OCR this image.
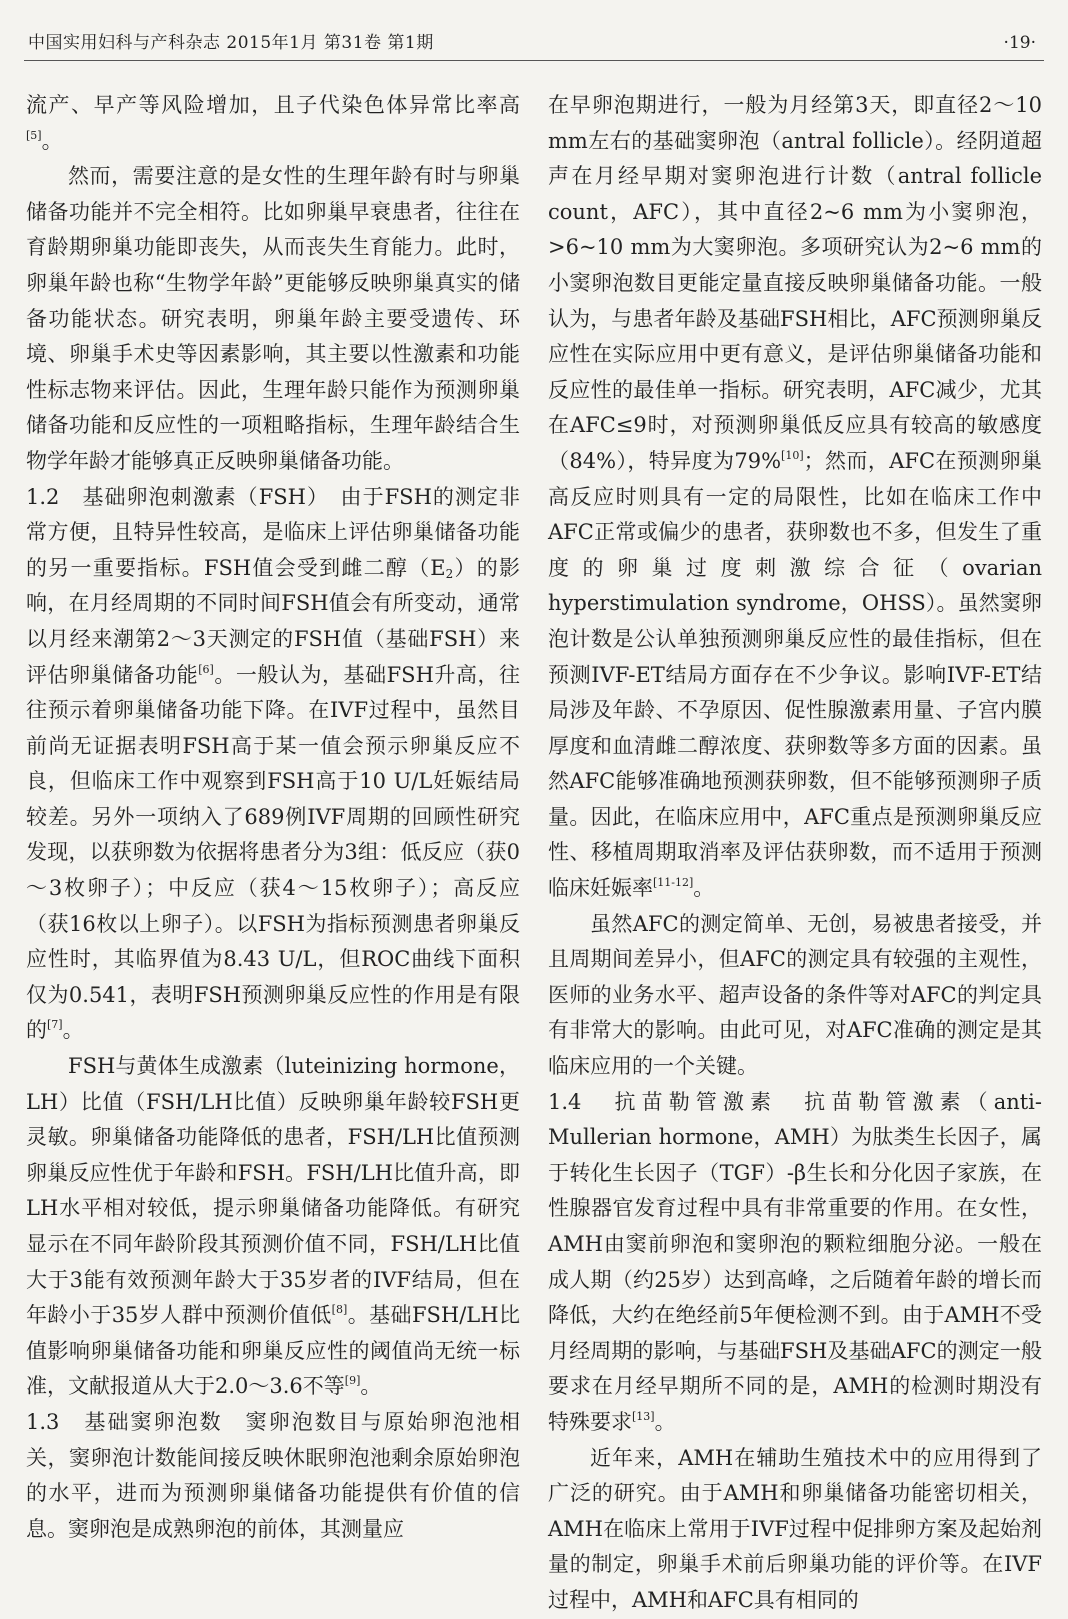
中国实用妇科与产科杂志 2015年1月 第31卷 第1期	·19·

流产、早产等风险增加，且子代染色体异常比率高[5]。

然而，需要注意的是女性的生理年龄有时与卵巢储备功能并不完全相符。比如卵巢早衰患者，往往在育龄期卵巢功能即丧失，从而丧失生育能力。此时，卵巢年龄也称“生物学年龄”更能够反映卵巢真实的储备功能状态。研究表明，卵巢年龄主要受遗传、环境、卵巢手术史等因素影响，其主要以性激素和功能性标志物来评估。因此，生理年龄只能作为预测卵巢储备功能和反应性的一项粗略指标，生理年龄结合生物学年龄才能够真正反映卵巢储备功能。

1.2　基础卵泡刺激素（FSH）　由于FSH的测定非常方便，且特异性较高，是临床上评估卵巢储备功能的另一重要指标。FSH值会受到雌二醇$(E_2)$的影响，在月经周期的不同时间FSH值会有所变动，通常以月经来潮第2～3天测定的FSH值（基础FSH）来评估卵巢储备功能[6]。一般认为，基础FSH升高，往往预示着卵巢储备功能下降。在IVF过程中，虽然目前尚无证据表明FSH高于某一值会预示卵巢反应不良，但临床工作中观察到FSH高于10 U/L妊娠结局较差。另外一项纳入了689例IVF周期的回顾性研究发现，以获卵数为依据将患者分为3组：低反应（获0～3枚卵子）；中反应（获4～15枚卵子）；高反应（获16枚以上卵子）。以FSH为指标预测患者卵巢反应性时，其临界值为8.43 U/L，但ROC曲线下面积仅为0.541，表明FSH预测卵巢反应性的作用是有限的[7]。

FSH与黄体生成激素（luteinizing hormone，LH）比值（FSH/LH比值）反映卵巢年龄较FSH更灵敏。卵巢储备功能降低的患者，FSH/LH比值预测卵巢反应性优于年龄和FSH。FSH/LH比值升高，即LH水平相对较低，提示卵巢储备功能降低。有研究显示在不同年龄阶段其预测价值不同，FSH/LH比值大于3能有效预测年龄大于35岁者的IVF结局，但在年龄小于35岁人群中预测价值低[8]。基础FSH/LH比值影响卵巢储备功能和卵巢反应性的阈值尚无统一标准，文献报道从大于2.0～3.6不等[9]。

1.3　基础窦卵泡数　窦卵泡数目与原始卵泡池相关，窦卵泡计数能间接反映休眠卵泡池剩余原始卵泡的水平，进而为预测卵巢储备功能提供有价值的信息。窦卵泡是成熟卵泡的前体，其测量应

在早卵泡期进行，一般为月经第3天，即直径2～10 mm左右的基础窦卵泡（antral follicle）。经阴道超声在月经早期对窦卵泡进行计数（antral follicle count，AFC），其中直径2~6 mm为小窦卵泡，>6~10 mm为大窦卵泡。多项研究认为2~6 mm的小窦卵泡数目更能定量直接反映卵巢储备功能。一般认为，与患者年龄及基础FSH相比，AFC预测卵巢反应性在实际应用中更有意义，是评估卵巢储备功能和反应性的最佳单一指标。研究表明，AFC减少，尤其在AFC≤9时，对预测卵巢低反应具有较高的敏感度（84%），特异度为79%[10]；然而，AFC在预测卵巢高反应时则具有一定的局限性，比如在临床工作中AFC正常或偏少的患者，获卵数也不多，但发生了重度的卵巢过度刺激综合征（ovarian hyperstimulation syndrome，OHSS）。虽然窦卵泡计数是公认单独预测卵巢反应性的最佳指标，但在预测IVF-ET结局方面存在不少争议。影响IVF-ET结局涉及年龄、不孕原因、促性腺激素用量、子宫内膜厚度和血清雌二醇浓度、获卵数等多方面的因素。虽然AFC能够准确地预测获卵数，但不能够预测卵子质量。因此，在临床应用中，AFC重点是预测卵巢反应性、移植周期取消率及评估获卵数，而不适用于预测临床妊娠率[11-12]。

虽然AFC的测定简单、无创，易被患者接受，并且周期间差异小，但AFC的测定具有较强的主观性，医师的业务水平、超声设备的条件等对AFC的判定具有非常大的影响。由此可见，对AFC准确的测定是其临床应用的一个关键。

1.4　抗苗勒管激素　抗苗勒管激素（anti-Mullerian hormone，AMH）为肽类生长因子，属于转化生长因子（TGF）-β生长和分化因子家族，在性腺器官发育过程中具有非常重要的作用。在女性，AMH由窦前卵泡和窦卵泡的颗粒细胞分泌。一般在成人期（约25岁）达到高峰，之后随着年龄的增长而降低，大约在绝经前5年便检测不到。由于AMH不受月经周期的影响，与基础FSH及基础AFC的测定一般要求在月经早期所不同的是，AMH的检测时期没有特殊要求[13]。

近年来，AMH在辅助生殖技术中的应用得到了广泛的研究。由于AMH和卵巢储备功能密切相关，AMH在临床上常用于IVF过程中促排卵方案及起始剂量的制定，卵巢手术前后卵巢功能的评价等。在IVF过程中，AMH和AFC具有相同的
